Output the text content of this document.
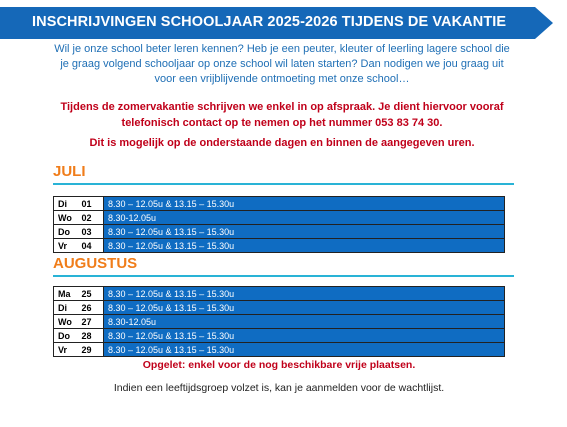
INSCHRIJVINGEN SCHOOLJAAR 2025-2026 TIJDENS DE VAKANTIE
Wil je onze school beter leren kennen? Heb je een peuter, kleuter of leerling lagere school die
je graag volgend schooljaar op onze school wil laten starten? Dan nodigen we jou graag uit
voor een vrijblijvende ontmoeting met onze school…
Tijdens de zomervakantie schrijven we enkel in op afspraak. Je dient hiervoor vooraf
telefonisch contact op te nemen op het nummer 053 83 74 30.
Dit is mogelijk op de onderstaande dagen en binnen de aangegeven uren.
JULI
Di	01	8.30 – 12.05u & 13.15 – 15.30u
Wo	02	8.30-12.05u
Do	03	8.30 – 12.05u & 13.15 – 15.30u
Vr	04	8.30 – 12.05u & 13.15 – 15.30u
AUGUSTUS
Ma	25	8.30 – 12.05u & 13.15 – 15.30u
Di	26	8.30 – 12.05u & 13.15 – 15.30u
Wo	27	8.30-12.05u
Do	28	8.30 – 12.05u & 13.15 – 15.30u
Vr	29	8.30 – 12.05u & 13.15 – 15.30u
Opgelet: enkel voor de nog beschikbare vrije plaatsen.
Indien een leeftijdsgroep volzet is, kan je aanmelden voor de wachtlijst.
